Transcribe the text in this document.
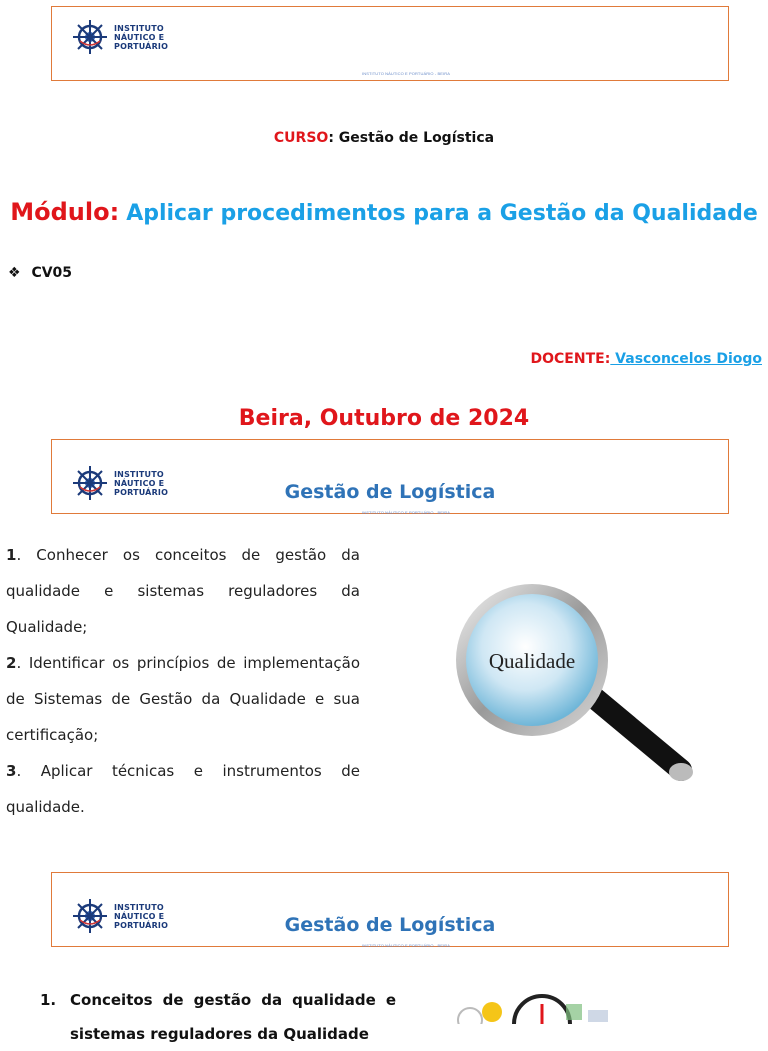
INSTITUTO
NÁUTICO E
PORTUÁRIO
INSTITUTO NÁUTICO E PORTUÁRIO - BEIRA
CURSO: Gestão de Logística
Módulo: Aplicar procedimentos para a Gestão da Qualidade
❖ CV05
DOCENTE: Vasconcelos Diogo
Beira, Outubro de 2024
INSTITUTO
NÁUTICO E
PORTUÁRIO	Gestão de Logística
INSTITUTO NÁUTICO E PORTUÁRIO - BEIRA

1. Conhecer os conceitos de gestão da qualidade e sistemas reguladores da Qualidade;

2. Identificar os princípios de implementação de Sistemas de Gestão da Qualidade e sua certificação;

3. Aplicar técnicas e instrumentos de qualidade.

Qualidade
INSTITUTO
NÁUTICO E
PORTUÁRIO	Gestão de Logística
INSTITUTO NÁUTICO E PORTUÁRIO - BEIRA
1. Conceitos de gestão da qualidade e
sistemas reguladores da Qualidade
